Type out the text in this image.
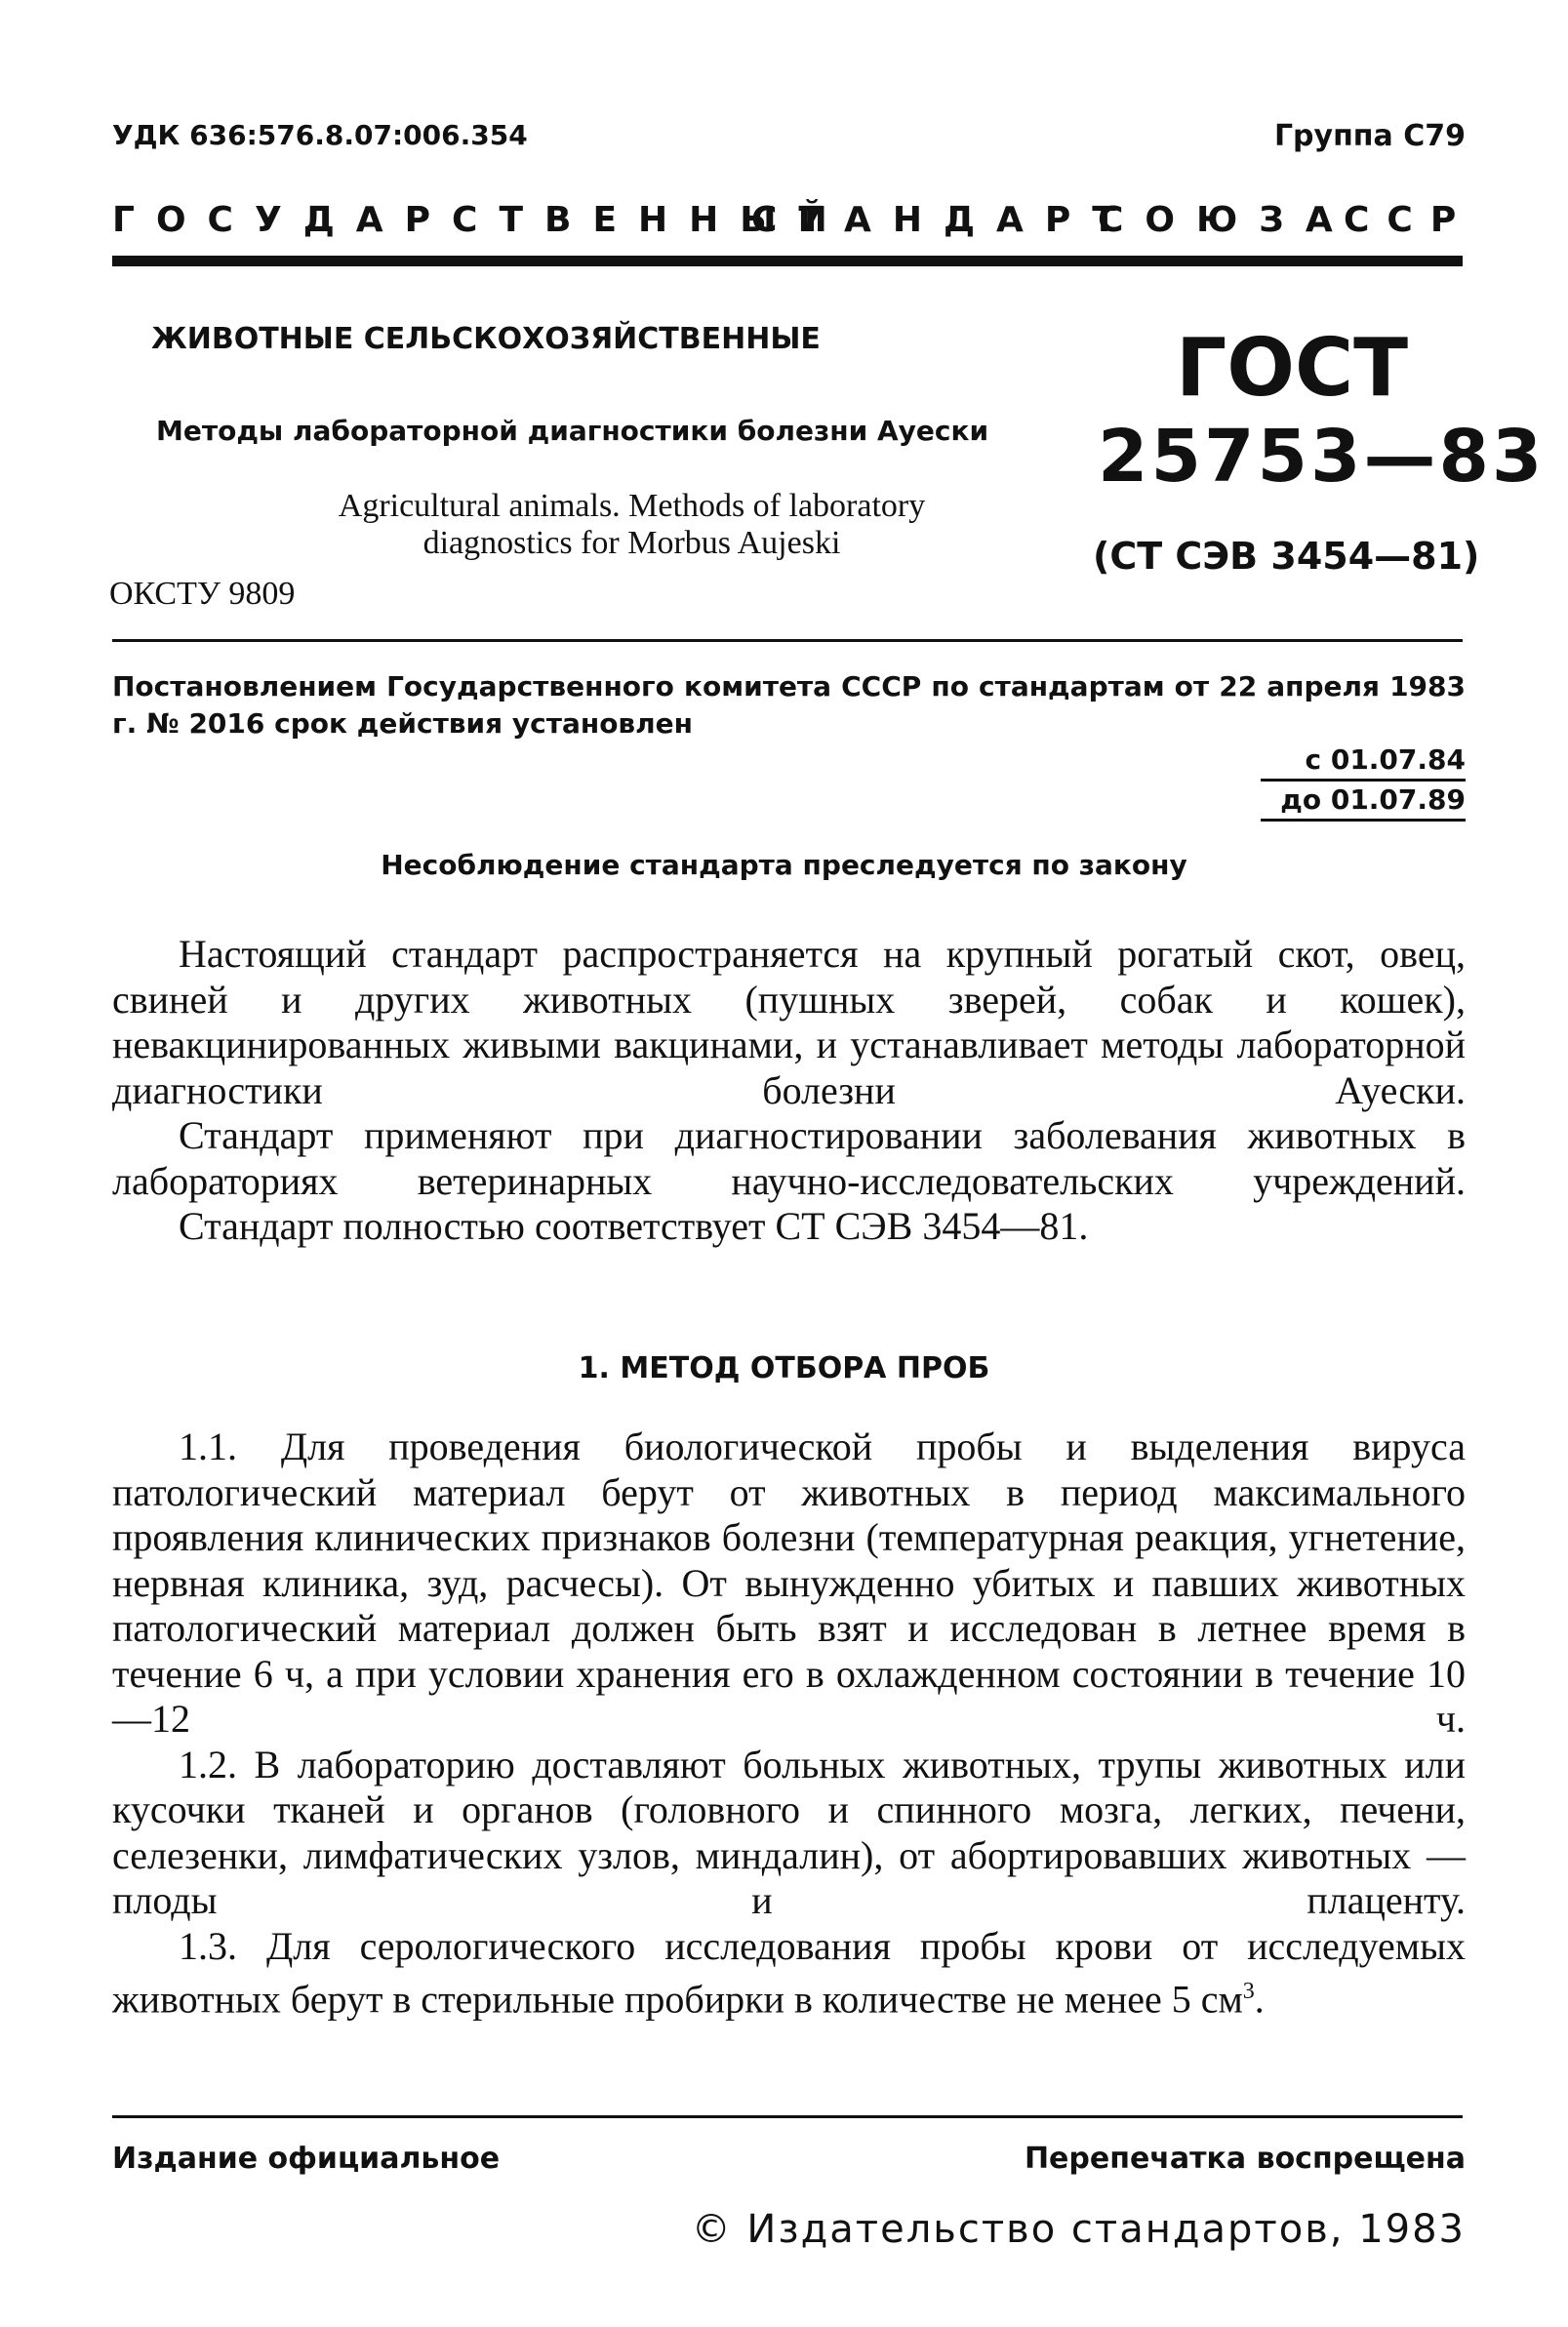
УДК 636:576.8.07:006.354	Группа С79
ГОСУДАРСТВЕННЫЙ
СТАНДАРТ
СОЮЗА
ССР
ЖИВОТНЫЕ СЕЛЬСКОХОЗЯЙСТВЕННЫЕ
Методы лабораторной диагностики болезни Ауески
Agricultural animals. Methods of laboratory
diagnostics for Morbus Aujeski
ОКСТУ 9809
ГОСТ
25753—83
(СТ СЭВ 3454—81)
Постановлением Государственного комитета СССР по стандартам от 22 апреля 1983 г. № 2016 срок действия установлен
с 01.07.84
до 01.07.89
Несоблюдение стандарта преследуется по закону

Настоящий стандарт распространяется на крупный рогатый скот, овец, свиней и других животных (пушных зверей, собак и кошек), невакцинированных живыми вакцинами, и устанавливает методы лабораторной диагностики болезни Ауески.

Стандарт применяют при диагностировании заболевания животных в лабораториях ветеринарных научно-исследовательских учреждений.

Стандарт полностью соответствует СТ СЭВ 3454—81.

1. МЕТОД ОТБОРА ПРОБ

1.1. Для проведения биологической пробы и выделения вируса патологический материал берут от животных в период максимального проявления клинических признаков болезни (температурная реакция, угнетение, нервная клиника, зуд, расчесы). От вынужденно убитых и павших животных патологический материал должен быть взят и исследован в летнее время в течение 6 ч, а при условии хранения его в охлажденном состоянии в течение 10—12 ч.

1.2. В лабораторию доставляют больных животных, трупы животных или кусочки тканей и органов (головного и спинного мозга, легких, печени, селезенки, лимфатических узлов, миндалин), от абортировавших животных — плоды и плаценту.

1.3. Для серологического исследования пробы крови от исследуемых животных берут в стерильные пробирки в количестве не менее 5 $см^3$.

Издание официальное	Перепечатка воспрещена
© Издательство стандартов, 1983
